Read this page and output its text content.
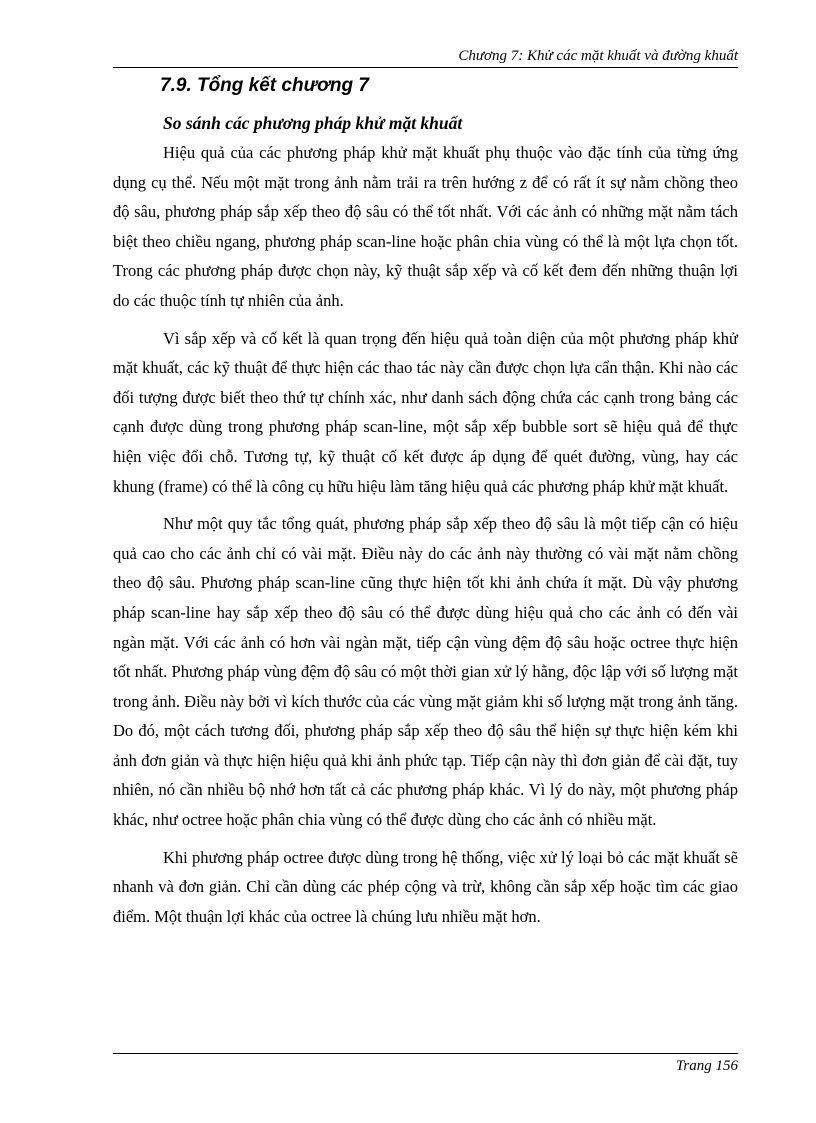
Chương 7: Khử các mặt khuất và đường khuất
7.9. Tổng kết chương 7
So sánh các phương pháp khử mặt khuất

Hiệu quả của các phương pháp khử mặt khuất phụ thuộc vào đặc tính của từng ứng dụng cụ thể. Nếu một mặt trong ảnh nằm trải ra trên hướng z để có rất ít sự nằm chồng theo độ sâu, phương pháp sắp xếp theo độ sâu có thể tốt nhất. Với các ảnh có những mặt nằm tách biệt theo chiều ngang, phương pháp scan-line hoặc phân chia vùng có thể là một lựa chọn tốt. Trong các phương pháp được chọn này, kỹ thuật sắp xếp và cố kết đem đến những thuận lợi do các thuộc tính tự nhiên của ảnh.

Vì sắp xếp và cố kết là quan trọng đến hiệu quả toàn diện của một phương pháp khử mặt khuất, các kỹ thuật để thực hiện các thao tác này cần được chọn lựa cẩn thận. Khi nào các đối tượng được biết theo thứ tự chính xác, như danh sách động chứa các cạnh trong bảng các cạnh được dùng trong phương pháp scan-line, một sắp xếp bubble sort sẽ hiệu quả để thực hiện việc đổi chỗ. Tương tự, kỹ thuật cố kết được áp dụng để quét đường, vùng, hay các khung (frame) có thể là công cụ hữu hiệu làm tăng hiệu quả các phương pháp khử mặt khuất.

Như một quy tắc tổng quát, phương pháp sắp xếp theo độ sâu là một tiếp cận có hiệu quả cao cho các ảnh chỉ có vài mặt. Điều này do các ảnh này thường có vài mặt nằm chồng theo độ sâu. Phương pháp scan-line cũng thực hiện tốt khi ảnh chứa ít mặt. Dù vậy phương pháp scan-line hay sắp xếp theo độ sâu có thể được dùng hiệu quả cho các ảnh có đến vài ngàn mặt. Với các ảnh có hơn vài ngàn mặt, tiếp cận vùng đệm độ sâu hoặc octree thực hiện tốt nhất. Phương pháp vùng đệm độ sâu có một thời gian xử lý hằng, độc lập với số lượng mặt trong ảnh. Điều này bởi vì kích thước của các vùng mặt giảm khi số lượng mặt trong ảnh tăng. Do đó, một cách tương đối, phương pháp sắp xếp theo độ sâu thể hiện sự thực hiện kém khi ảnh đơn giản và thực hiện hiệu quả khi ảnh phức tạp. Tiếp cận này thì đơn giản để cài đặt, tuy nhiên, nó cần nhiều bộ nhớ hơn tất cả các phương pháp khác. Vì lý do này, một phương pháp khác, như octree hoặc phân chia vùng có thể được dùng cho các ảnh có nhiều mặt.

Khi phương pháp octree được dùng trong hệ thống, việc xử lý loại bỏ các mặt khuất sẽ nhanh và đơn giản. Chỉ cần dùng các phép cộng và trừ, không cần sắp xếp hoặc tìm các giao điểm. Một thuận lợi khác của octree là chúng lưu nhiều mặt hơn.

Trang 156
